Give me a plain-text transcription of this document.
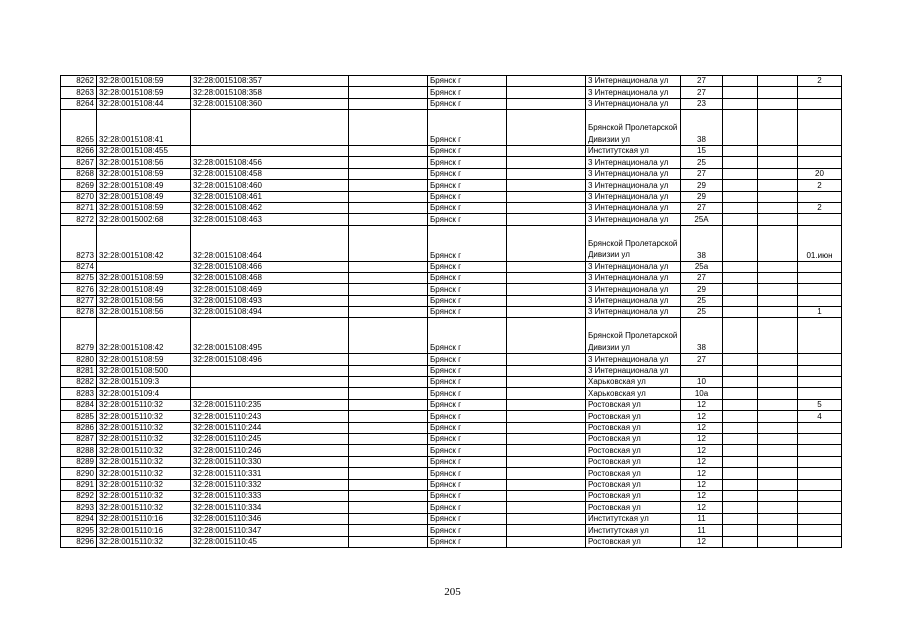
8262	32:28:0015108:59	32:28:0015108:357		Брянск г		3 Интернационала ул	27			2
8263	32:28:0015108:59	32:28:0015108:358		Брянск г		3 Интернационала ул	27			
8264	32:28:0015108:44	32:28:0015108:360		Брянск г		3 Интернационала ул	23			
8265	32:28:0015108:41			Брянск г		Брянской Пролетарской Дивизии ул	38			
8266	32:28:0015108:455			Брянск г		Институтская ул	15			
8267	32:28:0015108:56	32:28:0015108:456		Брянск г		3 Интернационала ул	25			
8268	32:28:0015108:59	32:28:0015108:458		Брянск г		3 Интернационала ул	27			20
8269	32:28:0015108:49	32:28:0015108:460		Брянск г		3 Интернационала ул	29			2
8270	32:28:0015108:49	32:28:0015108:461		Брянск г		3 Интернационала ул	29			
8271	32:28:0015108:59	32:28:0015108:462		Брянск г		3 Интернационала ул	27			2
8272	32:28:0015002:68	32:28:0015108:463		Брянск г		3 Интернационала ул	25А			
8273	32:28:0015108:42	32:28:0015108:464		Брянск г		Брянской Пролетарской Дивизии ул	38			01.июн
8274		32:28:0015108:466		Брянск г		3 Интернационала ул	25а			
8275	32:28:0015108:59	32:28:0015108:468		Брянск г		3 Интернационала ул	27			
8276	32:28:0015108:49	32:28:0015108:469		Брянск г		3 Интернационала ул	29			
8277	32:28:0015108:56	32:28:0015108:493		Брянск г		3 Интернационала ул	25			
8278	32:28:0015108:56	32:28:0015108:494		Брянск г		3 Интернационала ул	25			1
8279	32:28:0015108:42	32:28:0015108:495		Брянск г		Брянской Пролетарской Дивизии ул	38			
8280	32:28:0015108:59	32:28:0015108:496		Брянск г		3 Интернационала ул	27			
8281	32:28:0015108:500			Брянск г		3 Интернационала ул				
8282	32:28:0015109:3			Брянск г		Харьковская ул	10			
8283	32:28:0015109:4			Брянск г		Харьковская ул	10а			
8284	32:28:0015110:32	32:28:0015110:235		Брянск г		Ростовская ул	12			5
8285	32:28:0015110:32	32:28:0015110:243		Брянск г		Ростовская ул	12			4
8286	32:28:0015110:32	32:28:0015110:244		Брянск г		Ростовская ул	12			
8287	32:28:0015110:32	32:28:0015110:245		Брянск г		Ростовская ул	12			
8288	32:28:0015110:32	32:28:0015110:246		Брянск г		Ростовская ул	12			
8289	32:28:0015110:32	32:28:0015110:330		Брянск г		Ростовская ул	12			
8290	32:28:0015110:32	32:28:0015110:331		Брянск г		Ростовская ул	12			
8291	32:28:0015110:32	32:28:0015110:332		Брянск г		Ростовская ул	12			
8292	32:28:0015110:32	32:28:0015110:333		Брянск г		Ростовская ул	12			
8293	32:28:0015110:32	32:28:0015110:334		Брянск г		Ростовская ул	12			
8294	32:28:0015110:16	32:28:0015110:346		Брянск г		Институтская ул	11			
8295	32:28:0015110:16	32:28:0015110:347		Брянск г		Институтская ул	11			
8296	32:28:0015110:32	32:28:0015110:45		Брянск г		Ростовская ул	12			
205
